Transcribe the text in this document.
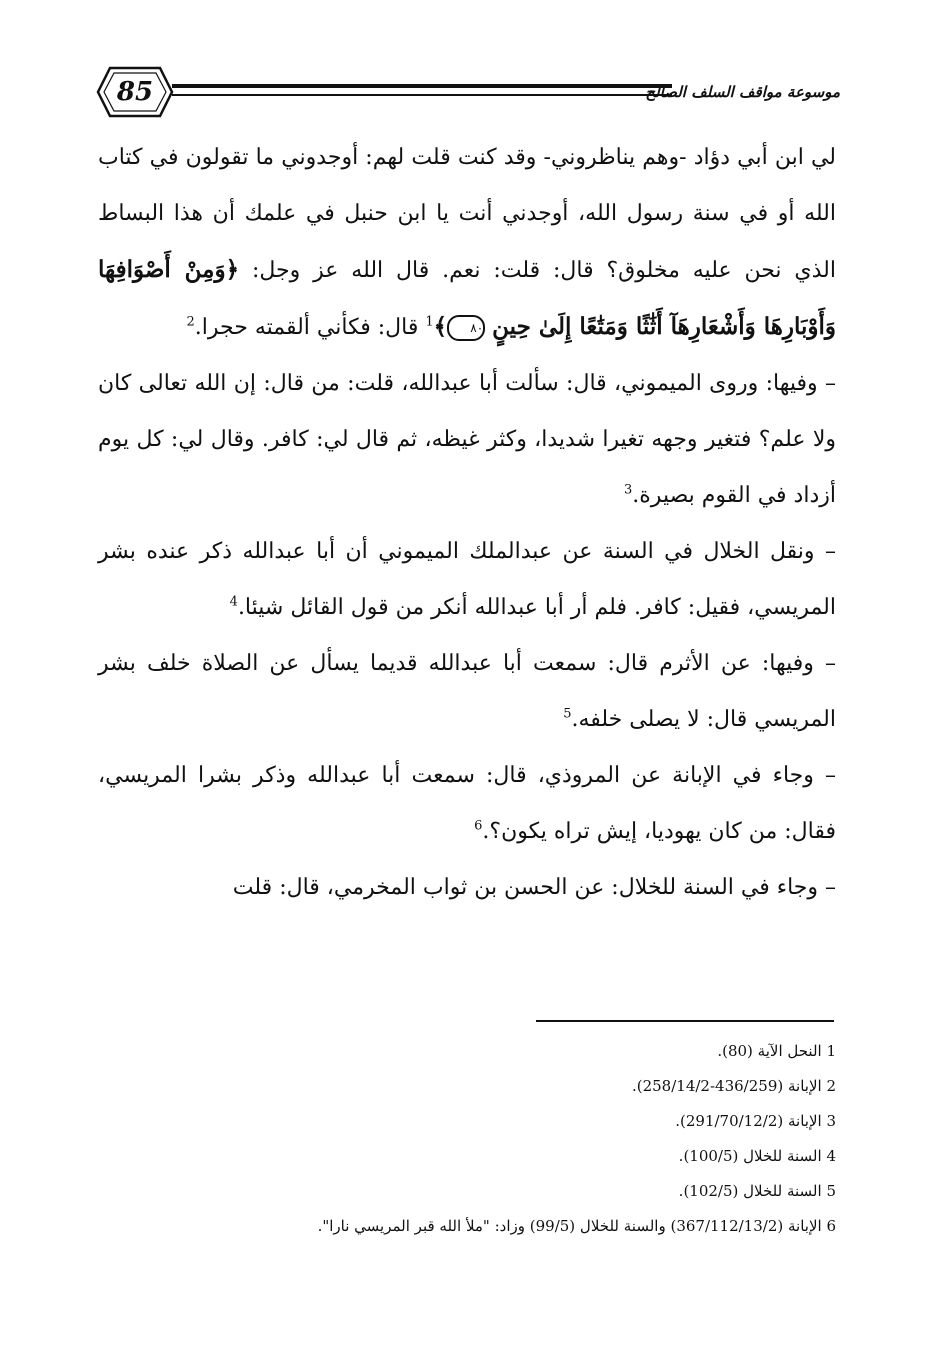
85	موسوعة مواقف السلف الصالح

لي ابن أبي دؤاد -وهم يناظروني- وقد كنت قلت لهم: أوجدوني ما تقولون في كتاب الله أو في سنة رسول الله، أوجدني أنت يا ابن حنبل في علمك أن هذا البساط الذي نحن عليه مخلوق؟ قال: قلت: نعم. قال الله عز وجل: ﴿وَمِنْ أَصْوَافِهَا وَأَوْبَارِهَا وَأَشْعَارِهَآ أَثَٰثًا وَمَتَٰعًا إِلَىٰ حِينٍ ٨٠﴾$^1$ قال: فكأني ألقمته حجرا.$^2$

– وفيها: وروى الميموني، قال: سألت أبا عبدالله، قلت: من قال: إن الله تعالى كان ولا علم؟ فتغير وجهه تغيرا شديدا، وكثر غيظه، ثم قال لي: كافر. وقال لي: كل يوم أزداد في القوم بصيرة.$^3$

– ونقل الخلال في السنة عن عبدالملك الميموني أن أبا عبدالله ذكر عنده بشر المريسي، فقيل: كافر. فلم أر أبا عبدالله أنكر من قول القائل شيئا.$^4$

– وفيها: عن الأثرم قال: سمعت أبا عبدالله قديما يسأل عن الصلاة خلف بشر المريسي قال: لا يصلى خلفه.$^5$

– وجاء في الإبانة عن المروذي، قال: سمعت أبا عبدالله وذكر بشرا المريسي، فقال: من كان يهوديا، إيش تراه يكون؟.$^6$

– وجاء في السنة للخلال: عن الحسن بن ثواب المخرمي، قال: قلت

1 النحل الآية (80).
2 الإبانة (436/259-258/14/2).
3 الإبانة (291/70/12/2).
4 السنة للخلال (100/5).
5 السنة للخلال (102/5).
6 الإبانة (367/112/13/2) والسنة للخلال (99/5) وزاد: "ملأ الله قبر المريسي نارا".
